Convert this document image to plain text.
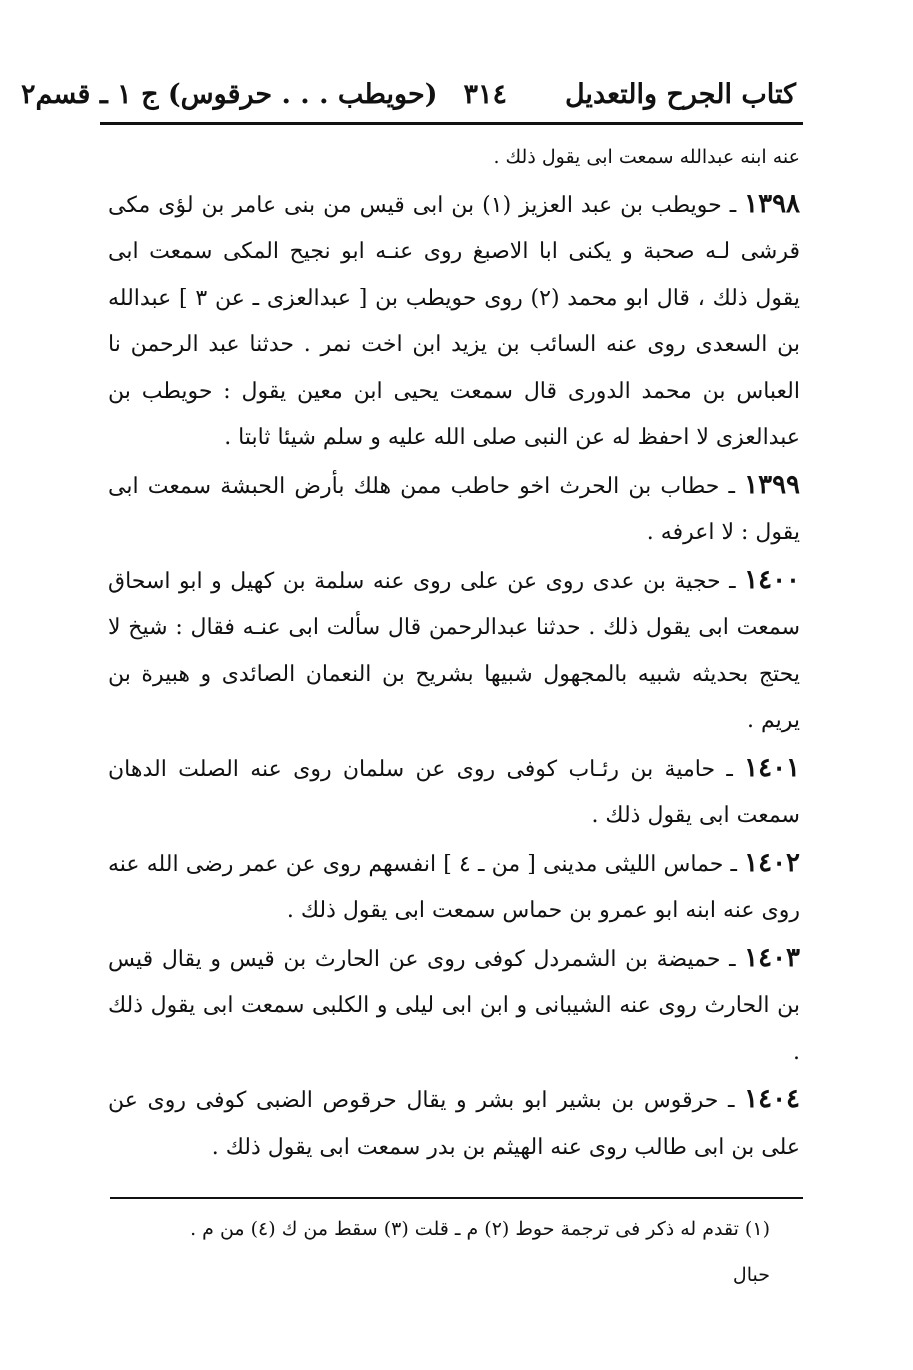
كتاب الجرح والتعديل
٣١٤
(حويطب . . . حرقوس) ج ١ ـ قسم٢

عنه ابنه عبدالله سمعت ابى يقول ذلك .

١٣٩٨ ـ حويطب بن عبد العزيز (١) بن ابى قيس من بنى عامر بن لؤى مكى قرشى لـه صحبة و يكنى ابا الاصبغ روى عنـه ابو نجيح المكى سمعت ابى يقول ذلك ، قال ابو محمد (٢) روى حويطب بن [ عبدالعزى ـ عن ٣ ] عبدالله بن السعدى روى عنه السائب بن يزيد ابن اخت نمر . حدثنا عبد الرحمن نا العباس بن محمد الدورى قال سمعت يحيى ابن معين يقول : حويطب بن عبدالعزى لا احفظ له عن النبى صلى الله عليه و سلم شيئا ثابتا .

١٣٩٩ ـ حطاب بن الحرث اخو حاطب ممن هلك بأرض الحبشة سمعت ابى يقول : لا اعرفه .

١٤٠٠ ـ حجية بن عدى روى عن على روى عنه سلمة بن كهيل و ابو اسحاق سمعت ابى يقول ذلك . حدثنا عبدالرحمن قال سألت ابى عنـه فقال : شيخ لا يحتج بحديثه شبيه بالمجهول شبيها بشريح بن النعمان الصائدى و هبيرة بن يريم .

١٤٠١ ـ حامية بن رئـاب كوفى روى عن سلمان روى عنه الصلت الدهان سمعت ابى يقول ذلك .

١٤٠٢ ـ حماس الليثى مدينى [ من ـ ٤ ] انفسهم روى عن عمر رضى الله عنه روى عنه ابنه ابو عمرو بن حماس سمعت ابى يقول ذلك .

١٤٠٣ ـ حميضة بن الشمردل كوفى روى عن الحارث بن قيس و يقال قيس بن الحارث روى عنه الشيبانى و ابن ابى ليلى و الكلبى سمعت ابى يقول ذلك .

١٤٠٤ ـ حرقوس بن بشير ابو بشر و يقال حرقوص الضبى كوفى روى عن على بن ابى طالب روى عنه الهيثم بن بدر سمعت ابى يقول ذلك .

(١) تقدم له ذكر فى ترجمة حوط (٢) م ـ قلت (٣) سقط من ك (٤) من م .

حبال
